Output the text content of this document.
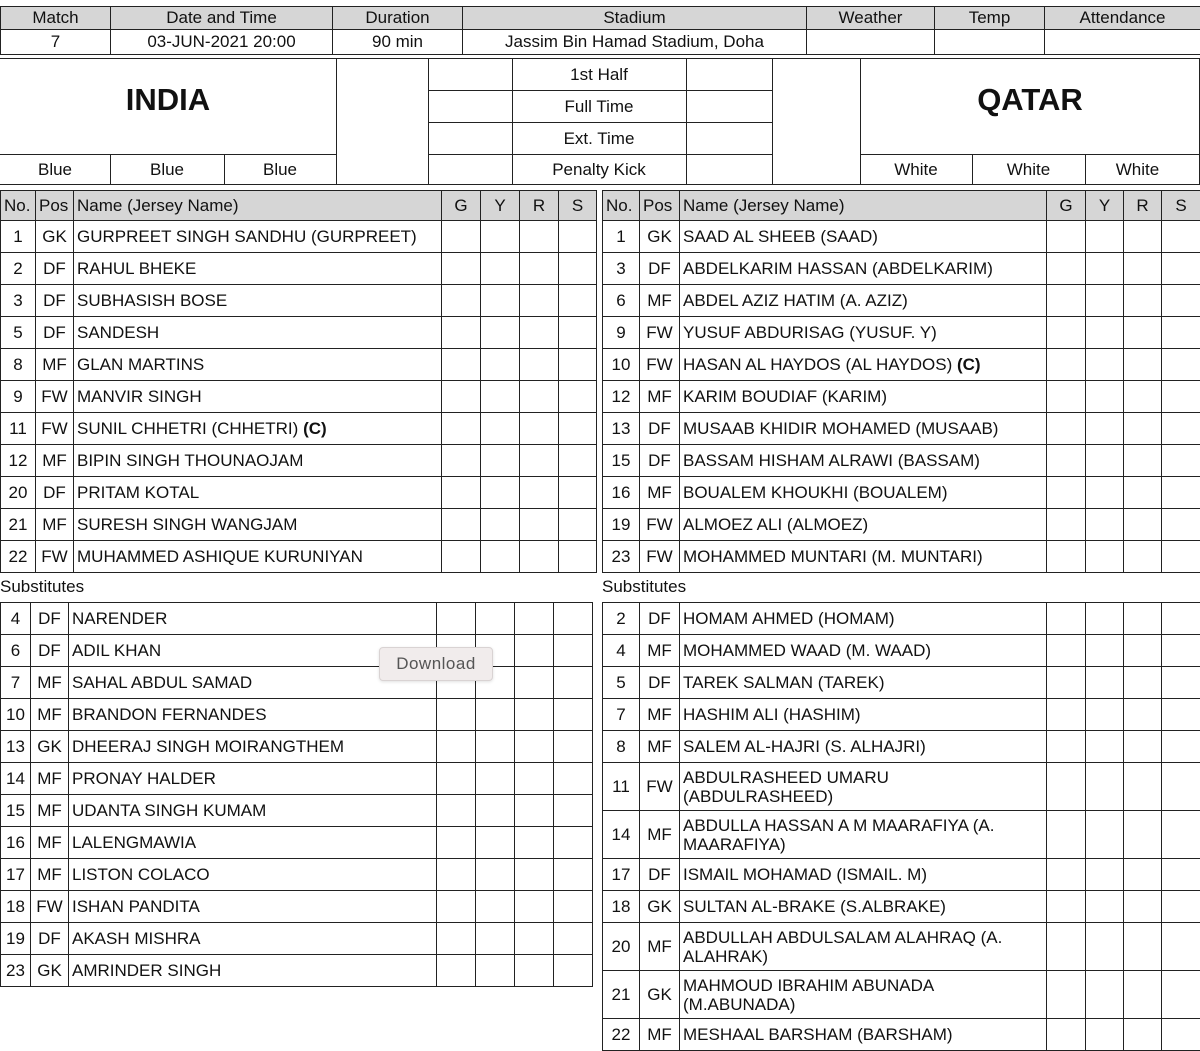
Match	Date and Time	Duration	Stadium	Weather	Temp	Attendance
7	03-JUN-2021 20:00	90 min	Jassim Bin Hamad Stadium, Doha			
INDIA
Blue	Blue	Blue
1st Half
Full Time
Ext. Time
Penalty Kick
QATAR
White	White	White
No.	Pos	Name (Jersey Name)	G	Y	R	S
1	GK	GURPREET SINGH SANDHU (GURPREET)				
2	DF	RAHUL BHEKE				
3	DF	SUBHASISH BOSE				
5	DF	SANDESH				
8	MF	GLAN MARTINS				
9	FW	MANVIR SINGH				
11	FW	SUNIL CHHETRI (CHHETRI) (C)				
12	MF	BIPIN SINGH THOUNAOJAM				
20	DF	PRITAM KOTAL				
21	MF	SURESH SINGH WANGJAM				
22	FW	MUHAMMED ASHIQUE KURUNIYAN				
No.	Pos	Name (Jersey Name)	G	Y	R	S
1	GK	SAAD AL SHEEB (SAAD)				
3	DF	ABDELKARIM HASSAN (ABDELKARIM)				
6	MF	ABDEL AZIZ HATIM (A. AZIZ)				
9	FW	YUSUF ABDURISAG (YUSUF. Y)				
10	FW	HASAN AL HAYDOS (AL HAYDOS) (C)				
12	MF	KARIM BOUDIAF (KARIM)				
13	DF	MUSAAB KHIDIR MOHAMED (MUSAAB)				
15	DF	BASSAM HISHAM ALRAWI (BASSAM)				
16	MF	BOUALEM KHOUKHI (BOUALEM)				
19	FW	ALMOEZ ALI (ALMOEZ)				
23	FW	MOHAMMED MUNTARI (M. MUNTARI)				
Substitutes	Substitutes
4	DF	NARENDER				
6	DF	ADIL KHAN				
7	MF	SAHAL ABDUL SAMAD				
10	MF	BRANDON FERNANDES				
13	GK	DHEERAJ SINGH MOIRANGTHEM				
14	MF	PRONAY HALDER				
15	MF	UDANTA SINGH KUMAM				
16	MF	LALENGMAWIA				
17	MF	LISTON COLACO				
18	FW	ISHAN PANDITA				
19	DF	AKASH MISHRA				
23	GK	AMRINDER SINGH				
2	DF	HOMAM AHMED (HOMAM)				
4	MF	MOHAMMED WAAD (M. WAAD)				
5	DF	TAREK SALMAN (TAREK)				
7	MF	HASHIM ALI (HASHIM)				
8	MF	SALEM AL-HAJRI (S. ALHAJRI)				
11	FW	ABDULRASHEED UMARU (ABDULRASHEED)				
14	MF	ABDULLA HASSAN A M MAARAFIYA (A. MAARAFIYA)				
17	DF	ISMAIL MOHAMAD (ISMAIL. M)				
18	GK	SULTAN AL-BRAKE (S.ALBRAKE)				
20	MF	ABDULLAH ABDULSALAM ALAHRAQ (A. ALAHRAK)				
21	GK	MAHMOUD IBRAHIM ABUNADA (M.ABUNADA)				
22	MF	MESHAAL BARSHAM (BARSHAM)				
Download
